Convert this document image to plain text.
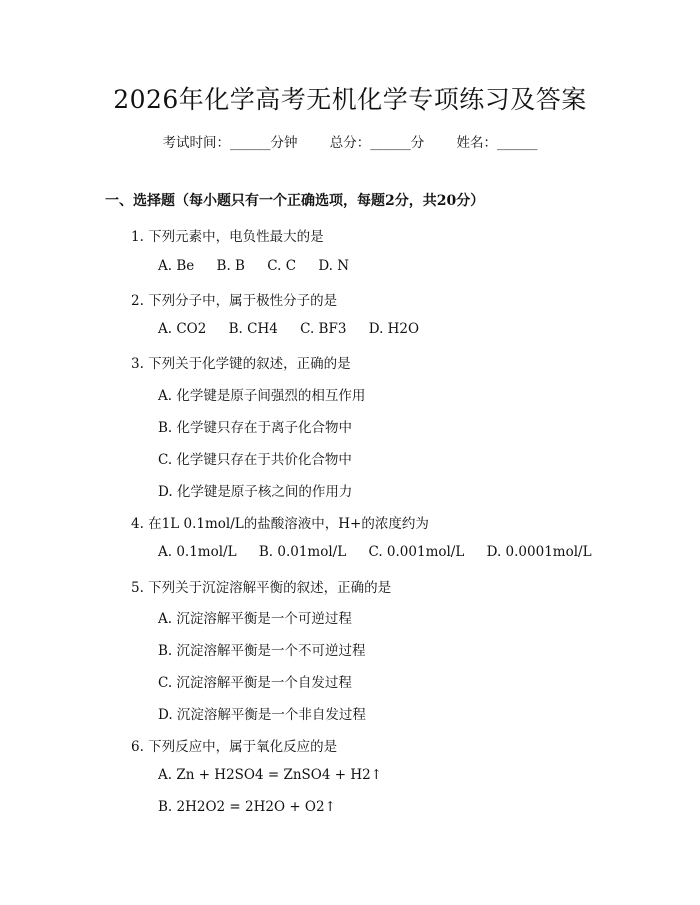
2026年化学高考无机化学专项练习及答案
考试时间：______分钟 总分：______分 姓名：______
一、选择题（每小题只有一个正确选项，每题2分，共20分）
1. 下列元素中，电负性最大的是
A. Be B. B C. C D. N
2. 下列分子中，属于极性分子的是
A. CO2 B. CH4 C. BF3 D. H2O
3. 下列关于化学键的叙述，正确的是
A. 化学键是原子间强烈的相互作用
B. 化学键只存在于离子化合物中
C. 化学键只存在于共价化合物中
D. 化学键是原子核之间的作用力
4. 在1L 0.1mol/L的盐酸溶液中，H+的浓度约为
A. 0.1mol/L B. 0.01mol/L C. 0.001mol/L D. 0.0001mol/L
5. 下列关于沉淀溶解平衡的叙述，正确的是
A. 沉淀溶解平衡是一个可逆过程
B. 沉淀溶解平衡是一个不可逆过程
C. 沉淀溶解平衡是一个自发过程
D. 沉淀溶解平衡是一个非自发过程
6. 下列反应中，属于氧化反应的是
A. Zn + H2SO4 = ZnSO4 + H2↑
B. 2H2O2 = 2H2O + O2↑
